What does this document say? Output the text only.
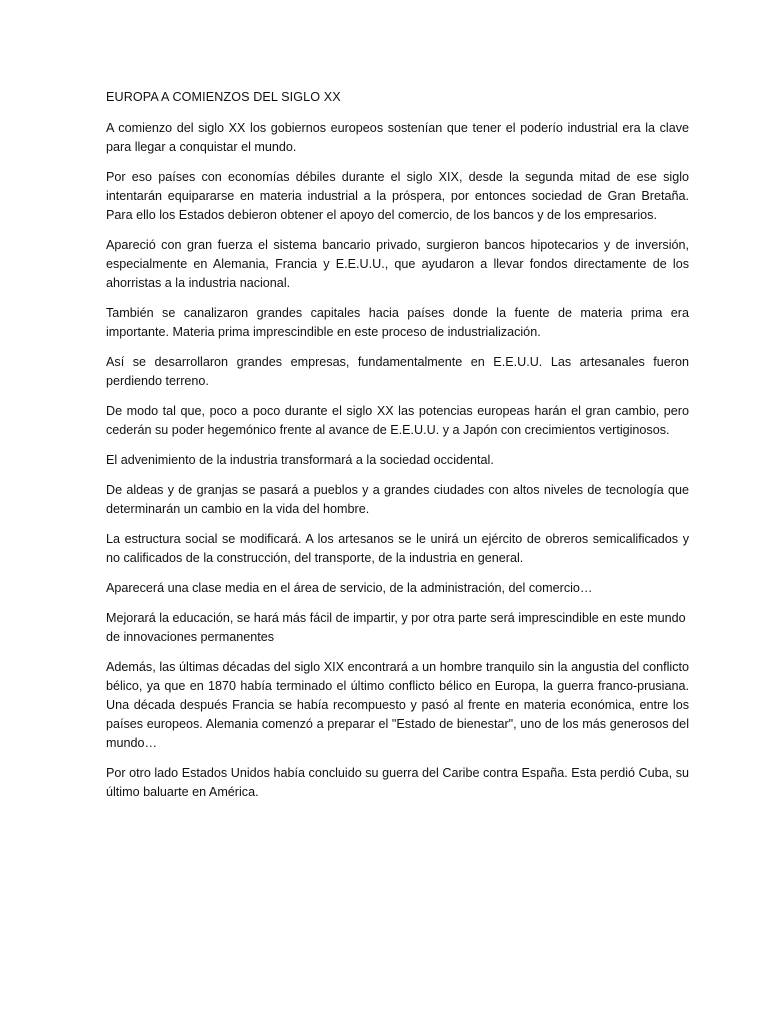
EUROPA A COMIENZOS DEL SIGLO XX

A comienzo del siglo XX los gobiernos europeos sostenían que tener el poderío industrial era la clave para llegar a conquistar el mundo.

Por eso países con economías débiles durante el siglo XIX, desde la segunda mitad de ese siglo intentarán equipararse en materia industrial a la próspera, por entonces sociedad de Gran Bretaña. Para ello los Estados debieron obtener el apoyo del comercio, de los bancos y de los empresarios.

Apareció con gran fuerza el sistema bancario privado, surgieron bancos hipotecarios y de inversión, especialmente en Alemania, Francia y E.E.U.U., que ayudaron a llevar fondos directamente de los ahorristas a la industria nacional.

También se canalizaron grandes capitales hacia países donde la fuente de materia prima era importante. Materia prima imprescindible en este proceso de industrialización.

Así se desarrollaron grandes empresas, fundamentalmente en E.E.U.U. Las artesanales fueron perdiendo terreno.

De modo tal que, poco a poco durante el siglo XX las potencias europeas harán el gran cambio, pero cederán su poder hegemónico frente al avance de E.E.U.U. y a Japón con crecimientos vertiginosos.

El advenimiento de la industria transformará a la sociedad occidental.

De aldeas y de granjas se pasará a pueblos y a grandes ciudades con altos niveles de tecnología que determinarán un cambio en la vida del hombre.

La estructura social se modificará. A los artesanos se le unirá un ejército de obreros semicalificados y no calificados de la construcción, del transporte, de la industria en general.

Aparecerá una clase media en el área de servicio, de la administración, del comercio…

Mejorará la educación, se hará más fácil de impartir, y por otra parte será imprescindible en este mundo de innovaciones permanentes

Además, las últimas décadas del siglo XIX encontrará a un hombre tranquilo sin la angustia del conflicto bélico, ya que en 1870 había terminado el último conflicto bélico en Europa, la guerra franco-prusiana. Una década después Francia se había recompuesto y pasó al frente en materia económica, entre los países europeos. Alemania comenzó a preparar el "Estado de bienestar", uno de los más generosos del mundo…

Por otro lado Estados Unidos había concluido su guerra del Caribe contra España. Esta perdió Cuba, su último baluarte en América.
